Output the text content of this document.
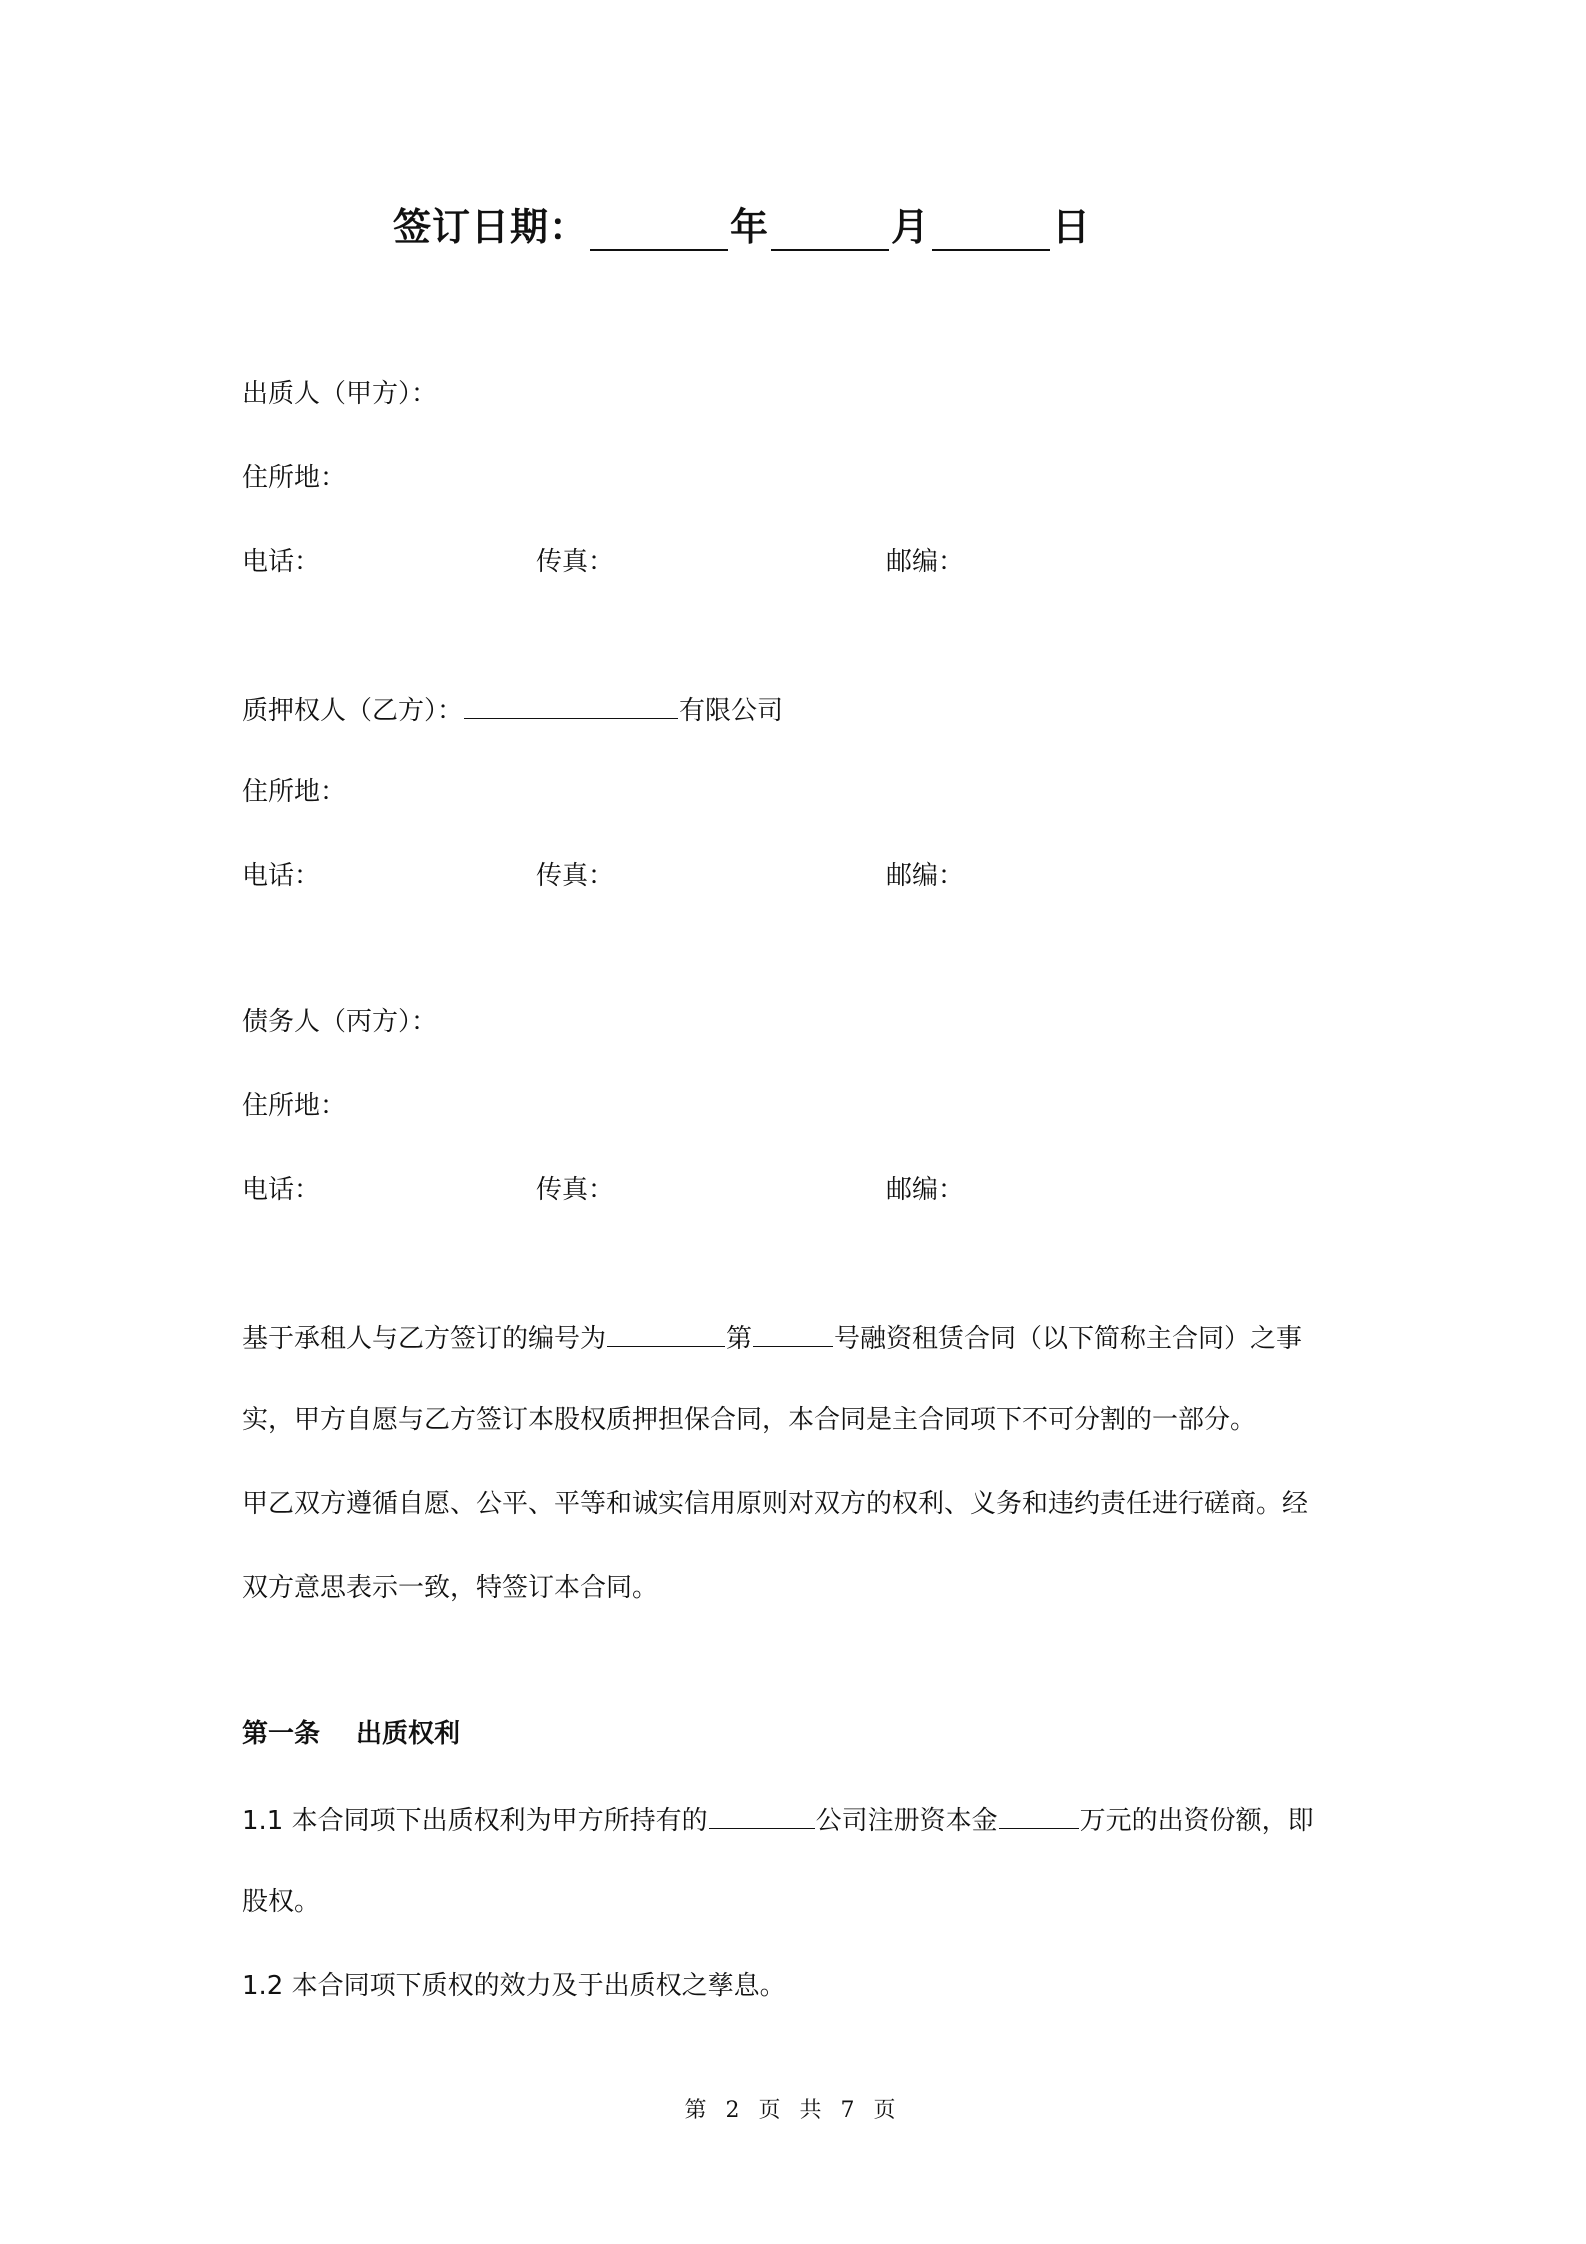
签订日期：	年	月	日
出质人（甲方）：
住所地：
电话：	传真：	邮编：
质押权人（乙方）：	有限公司
住所地：
电话：	传真：	邮编：
债务人（丙方）：
住所地：
电话：	传真：	邮编：
基于承租人与乙方签订的编号为	第	号融资租赁合同（以下简称主合同）之事
实，甲方自愿与乙方签订本股权质押担保合同，本合同是主合同项下不可分割的一部分。
甲乙双方遵循自愿、公平、平等和诚实信用原则对双方的权利、义务和违约责任进行磋商。经
双方意思表示一致，特签订本合同。
第一条 出质权利
1.1 本合同项下出质权利为甲方所持有的	公司注册资本金	万元的出资份额，即
股权。
1.2 本合同项下质权的效力及于出质权之孳息。
第 2 页 共 7 页
